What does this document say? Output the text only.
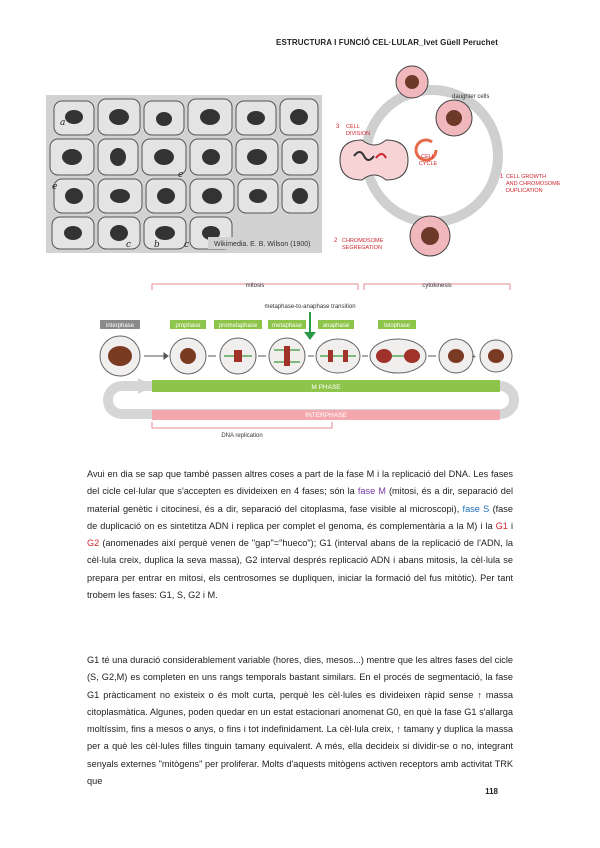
ESTRUCTURA I FUNCIÓ CEL·LULAR_Ivet Güell Peruchet
a
e
e
c	b	c	Wikimedia. E. B. Wilson (1900)
CELL
CYCLE
daughter cells
3 CELL
DIVISION
1 CELL GROWTH
AND CHROMOSOME
DUPLICATION
2 CHROMOSOME
SEGREGATION
mitosis	cytokinesis
metaphase-to-anaphase transition
interphase	prophase	prometaphase metaphase	anaphase	telophase
+
M PHASE
INTERPHASE
DNA replication
Avui en dia se sap que també passen altres coses a part de la fase M i la replicació del DNA. Les fases del cicle cel·lular que s'accepten es divideixen en 4 fases; són la fase M (mitosi, és a dir, separació del material genètic i citocinesi, és a dir, separació del citoplasma, fase visible al microscopi), fase S (fase de duplicació on es sintetitza ADN i replica per complet el genoma, és complementària a la M) i la G1 i G2 (anomenades així perquè venen de "gap"="hueco"); G1 (interval abans de la replicació de l'ADN, la cèl·lula creix, duplica la seva massa), G2 interval després replicació ADN i abans mitosis, la cèl·lula se prepara per entrar en mitosi, els centrosomes se dupliquen, iniciar la formació del fus mitòtic). Per tant trobem les fases: G1, S, G2 i M.
G1 té una duració considerablement variable (hores, dies, mesos...) mentre que les altres fases del cicle (S, G2,M) es completen en uns rangs temporals bastant similars. En el procés de segmentació, la fase G1 pràcticament no existeix o és molt curta, perquè les cèl·lules es divideixen ràpid sense ↑ massa citoplasmàtica. Algunes, poden quedar en un estat estacionari anomenat G0, en què la fase G1 s'allarga moltíssim, fins a mesos o anys, o fins i tot indefinidament. La cèl·lula creix, ↑ tamany y duplica la massa per a què les cèl·lules filles tinguin tamany equivalent. A més, ella decideix si dividir-se o no, integrant senyals externes "mitògens" per proliferar. Molts d'aquests mitògens activen receptors amb activitat TRK que
118
